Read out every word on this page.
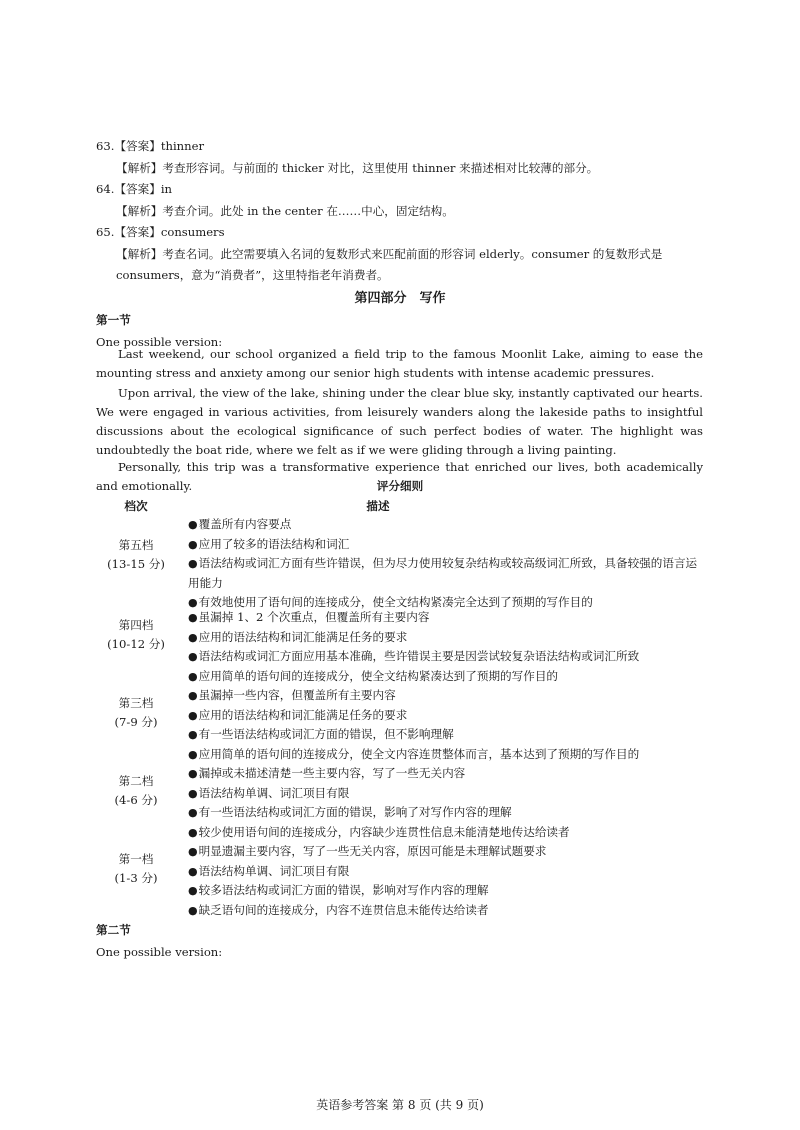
63.【答案】thinner
【解析】考查形容词。与前面的 thicker 对比，这里使用 thinner 来描述相对比较薄的部分。
64.【答案】in
【解析】考查介词。此处 in the center 在……中心，固定结构。
65.【答案】consumers
【解析】考查名词。此空需要填入名词的复数形式来匹配前面的形容词 elderly。consumer 的复数形式是
consumers，意为“消费者”，这里特指老年消费者。
第四部分　写作
第一节
One possible version:
Last weekend, our school organized a field trip to the famous Moonlit Lake, aiming to ease the mounting stress and anxiety among our senior high students with intense academic pressures.
Upon arrival, the view of the lake, shining under the clear blue sky, instantly captivated our hearts. We were engaged in various activities, from leisurely wanders along the lakeside paths to insightful discussions about the ecological significance of such perfect bodies of water. The highlight was undoubtedly the boat ride, where we felt as if we were gliding through a living painting.
Personally, this trip was a transformative experience that enriched our lives, both academically and emotionally.	评分细则
档次	描述
第五档
(13-15 分)
●覆盖所有内容要点
●应用了较多的语法结构和词汇
●语法结构或词汇方面有些许错误，但为尽力使用较复杂结构或较高级词汇所致，具备较强的语言运用能力
●有效地使用了语句间的连接成分，使全文结构紧凑完全达到了预期的写作目的
第四档
(10-12 分)
●虽漏掉 1、2 个次重点，但覆盖所有主要内容
●应用的语法结构和词汇能满足任务的要求
●语法结构或词汇方面应用基本准确，些许错误主要是因尝试较复杂语法结构或词汇所致
●应用简单的语句间的连接成分，使全文结构紧凑达到了预期的写作目的
第三档
(7-9 分)
●虽漏掉一些内容，但覆盖所有主要内容
●应用的语法结构和词汇能满足任务的要求
●有一些语法结构或词汇方面的错误，但不影响理解
●应用简单的语句间的连接成分，使全文内容连贯整体而言，基本达到了预期的写作目的
第二档
(4-6 分)
●漏掉或未描述清楚一些主要内容，写了一些无关内容
●语法结构单调、词汇项目有限
●有一些语法结构或词汇方面的错误，影响了对写作内容的理解
●较少使用语句间的连接成分，内容缺少连贯性信息未能清楚地传达给读者
第一档
(1-3 分)
●明显遗漏主要内容，写了一些无关内容，原因可能是未理解试题要求
●语法结构单调、词汇项目有限
●较多语法结构或词汇方面的错误，影响对写作内容的理解
●缺乏语句间的连接成分，内容不连贯信息未能传达给读者
第二节
One possible version:
英语参考答案 第 8 页 (共 9 页)
